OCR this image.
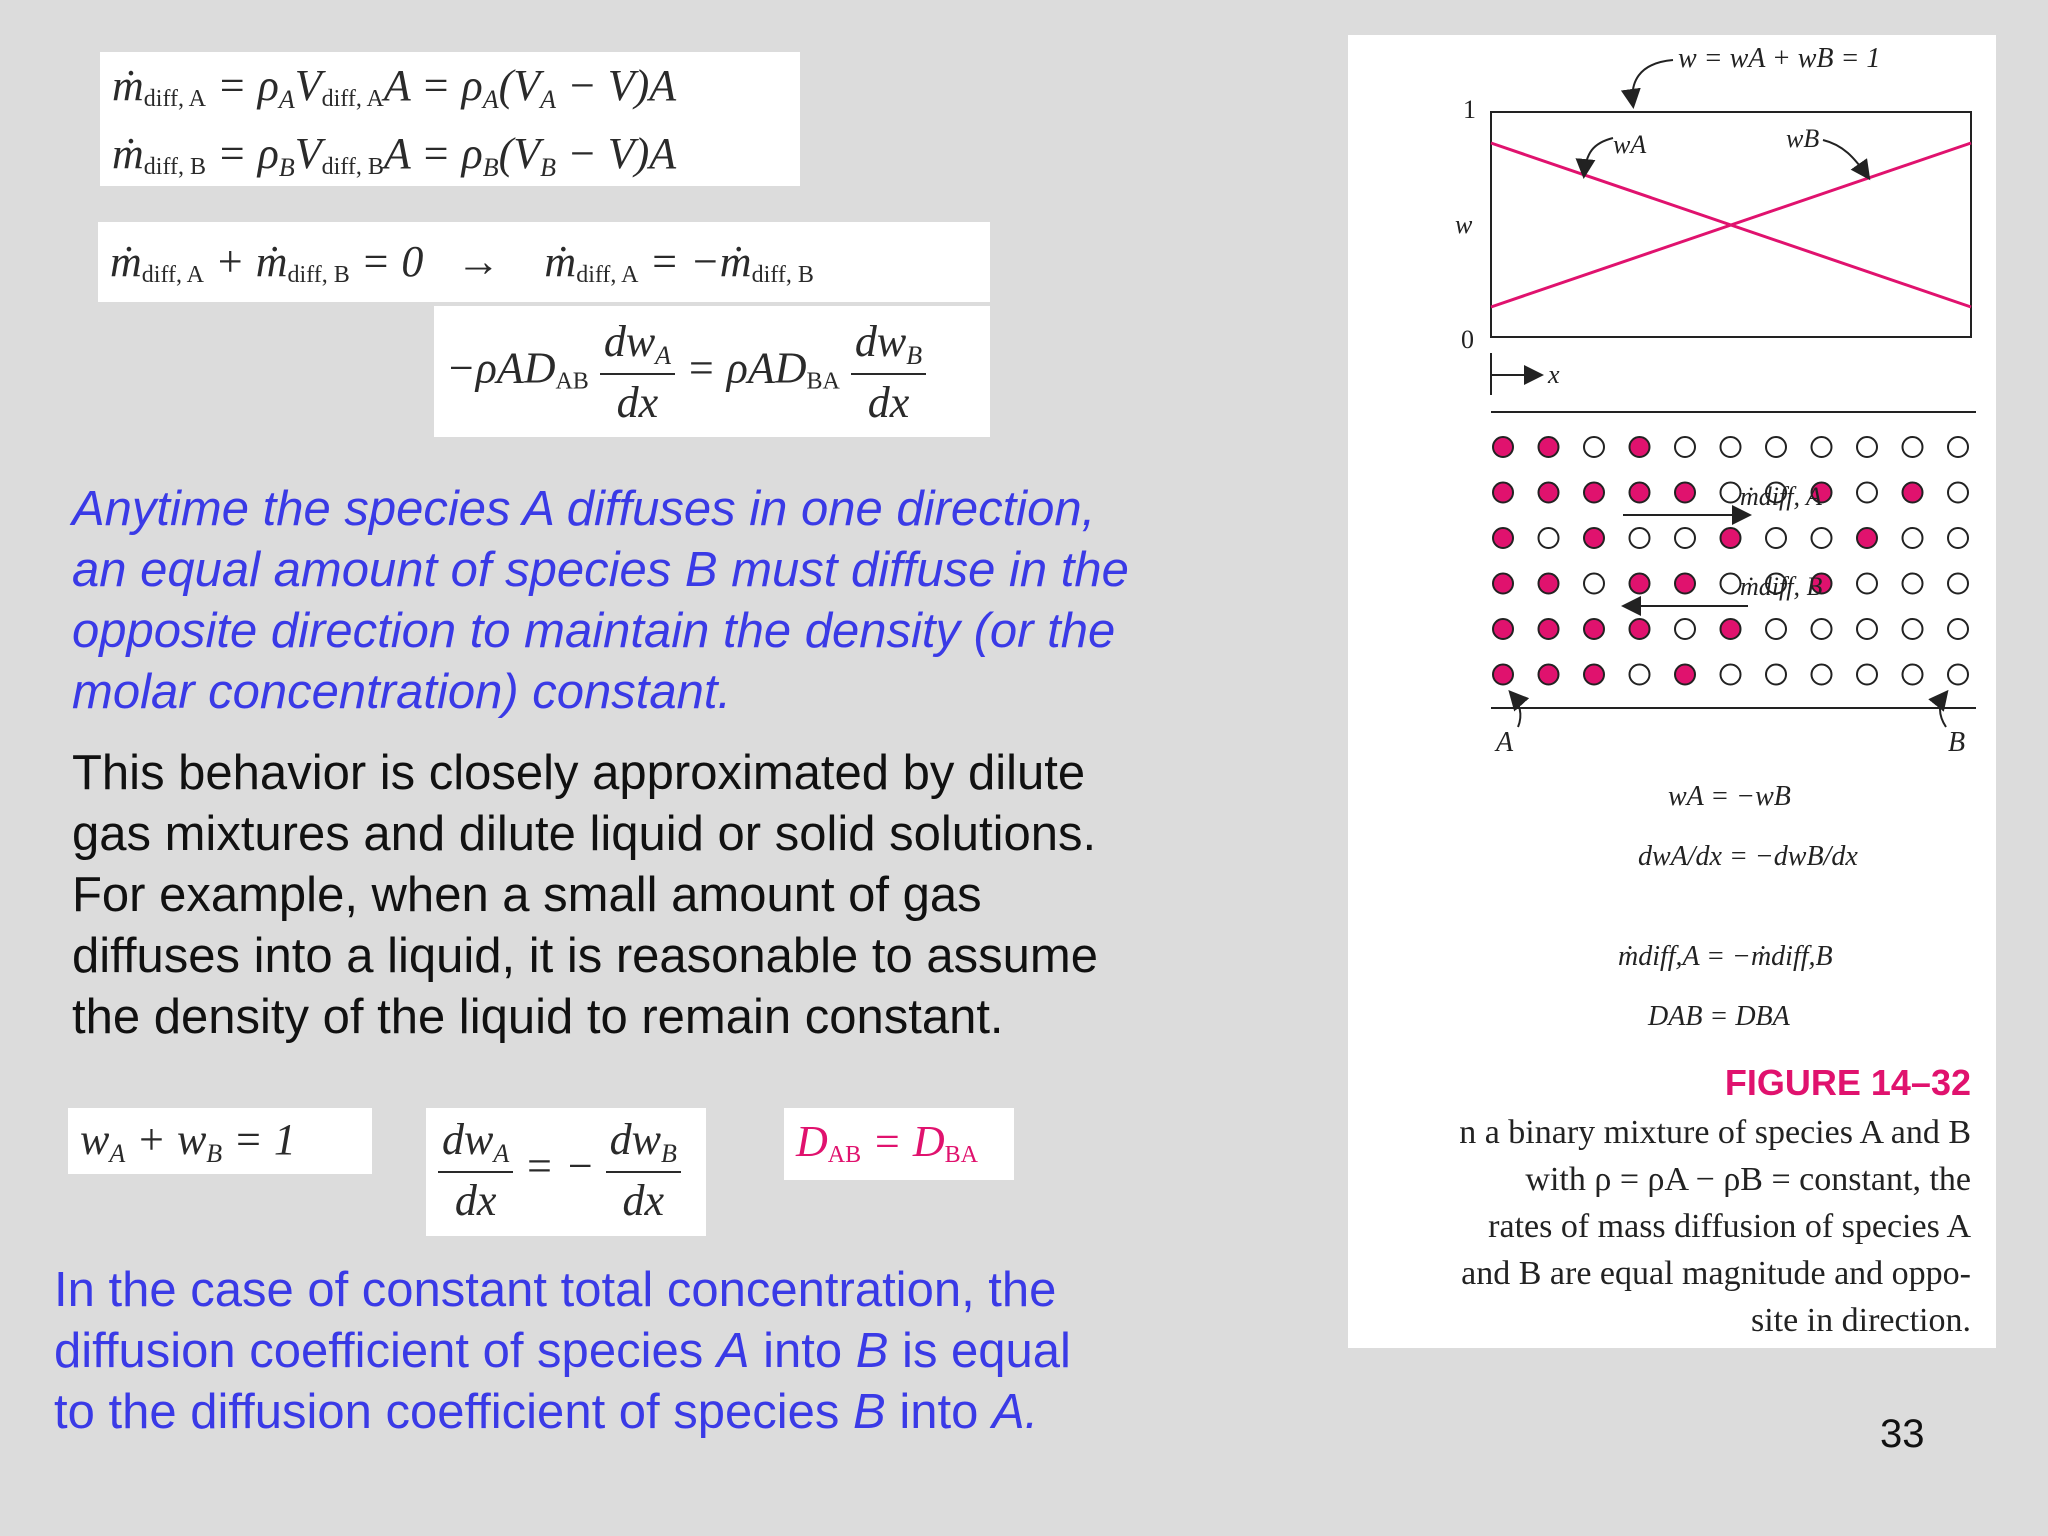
ṁ$_{diff, A}$ = ρAV$_{diff, A}$A = ρA(VA − V)A
ṁ$_{diff, B}$ = ρBV$_{diff, B}$A = ρB(VB − V)A
ṁ$_{diff, A}$ + ṁ$_{diff, B}$ = 0   →    ṁ$_{diff, A}$ = −ṁ$_{diff, B}$
$-\rho AD_{AB} \frac{\text{dwA}}{dx} = \rho AD_{BA} \frac{\text{dwB}}{dx}$
Anytime the species A diffuses in one direction,
an equal amount of species B must diffuse in the
opposite direction to maintain the density (or the
molar concentration) constant.
This behavior is closely approximated by dilute
gas mixtures and dilute liquid or solid solutions.
For example, when a small amount of gas
diffuses into a liquid, it is reasonable to assume
the density of the liquid to remain constant.
wA + wB = 1	$\frac{\text{dwA}}{dx}$ = − $\frac{\text{dwB}}{dx}$	$D_{AB} = D_{BA}$
In the case of constant total concentration, the
diffusion coefficient of species A into B is equal
to the diffusion coefficient of species B into A.
w = wA + wB = 1
1
w
0
wA	wB
x
ṁdiff, A
ṁdiff, B
A	B
wA = −wB
dwA/dx = −dwB/dx
ṁdiff,A = −ṁdiff,B
DAB = DBA
FIGURE 14–32
n a binary mixture of species A and B
with ρ = ρA − ρB = constant, the
rates of mass diffusion of species A
and B are equal magnitude and oppo-
site in direction.
33
